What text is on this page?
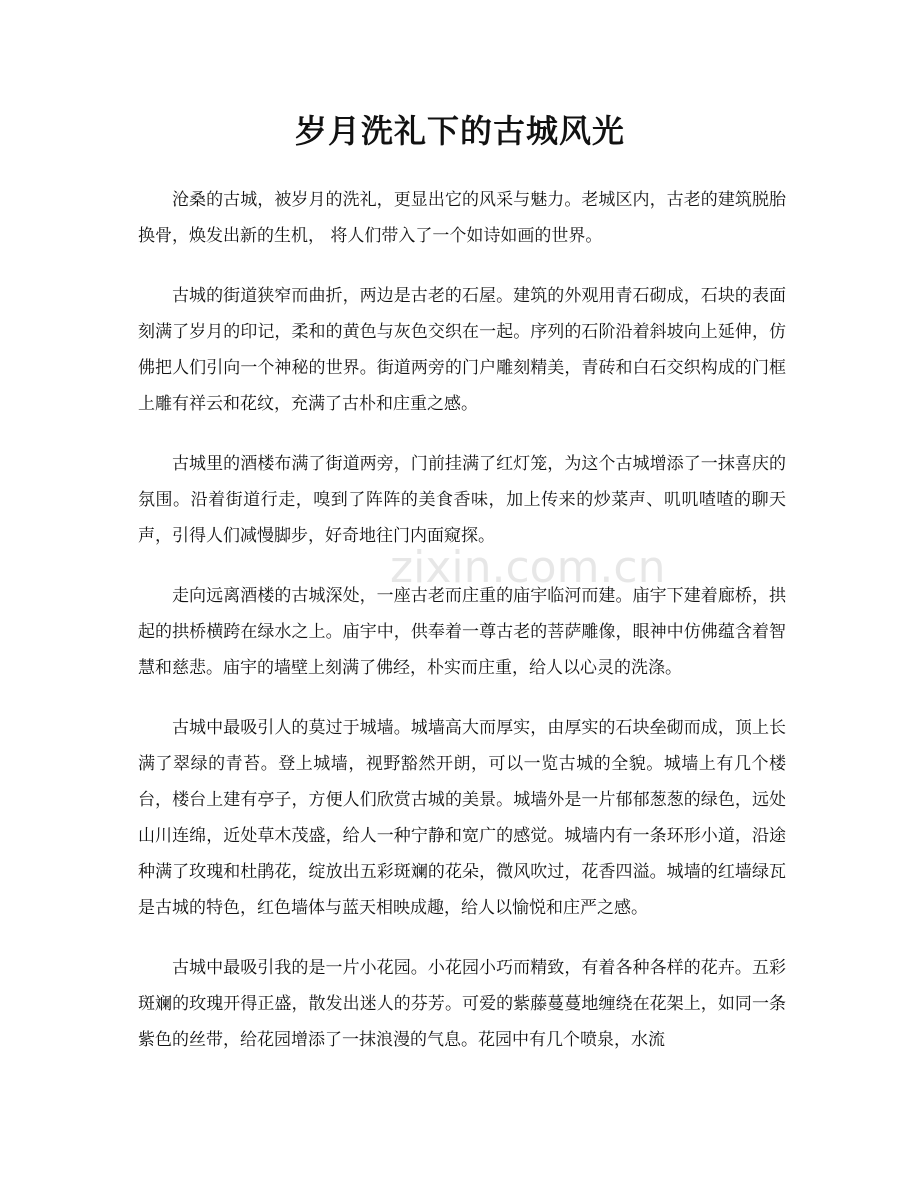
岁月洗礼下的古城风光

沧桑的古城，被岁月的洗礼，更显出它的风采与魅力。老城区内，古老的建筑脱胎换骨，焕发出新的生机， 将人们带入了一个如诗如画的世界。

古城的街道狭窄而曲折，两边是古老的石屋。建筑的外观用青石砌成，石块的表面刻满了岁月的印记，柔和的黄色与灰色交织在一起。序列的石阶沿着斜坡向上延伸，仿佛把人们引向一个神秘的世界。街道两旁的门户雕刻精美，青砖和白石交织构成的门框上雕有祥云和花纹，充满了古朴和庄重之感。

古城里的酒楼布满了街道两旁，门前挂满了红灯笼，为这个古城增添了一抹喜庆的氛围。沿着街道行走，嗅到了阵阵的美食香味，加上传来的炒菜声、叽叽喳喳的聊天声，引得人们减慢脚步，好奇地往门内面窥探。

走向远离酒楼的古城深处，一座古老而庄重的庙宇临河而建。庙宇下建着廊桥，拱起的拱桥横跨在绿水之上。庙宇中，供奉着一尊古老的菩萨雕像，眼神中仿佛蕴含着智慧和慈悲。庙宇的墙壁上刻满了佛经，朴实而庄重，给人以心灵的洗涤。

古城中最吸引人的莫过于城墙。城墙高大而厚实，由厚实的石块垒砌而成，顶上长满了翠绿的青苔。登上城墙，视野豁然开朗，可以一览古城的全貌。城墙上有几个楼台，楼台上建有亭子，方便人们欣赏古城的美景。城墙外是一片郁郁葱葱的绿色，远处山川连绵，近处草木茂盛，给人一种宁静和宽广的感觉。城墙内有一条环形小道，沿途种满了玫瑰和杜鹃花，绽放出五彩斑斓的花朵，微风吹过，花香四溢。城墙的红墙绿瓦是古城的特色，红色墙体与蓝天相映成趣，给人以愉悦和庄严之感。

古城中最吸引我的是一片小花园。小花园小巧而精致，有着各种各样的花卉。五彩斑斓的玫瑰开得正盛，散发出迷人的芬芳。可爱的紫藤蔓蔓地缠绕在花架上，如同一条紫色的丝带，给花园增添了一抹浪漫的气息。花园中有几个喷泉，水流

zixin.com.cn
